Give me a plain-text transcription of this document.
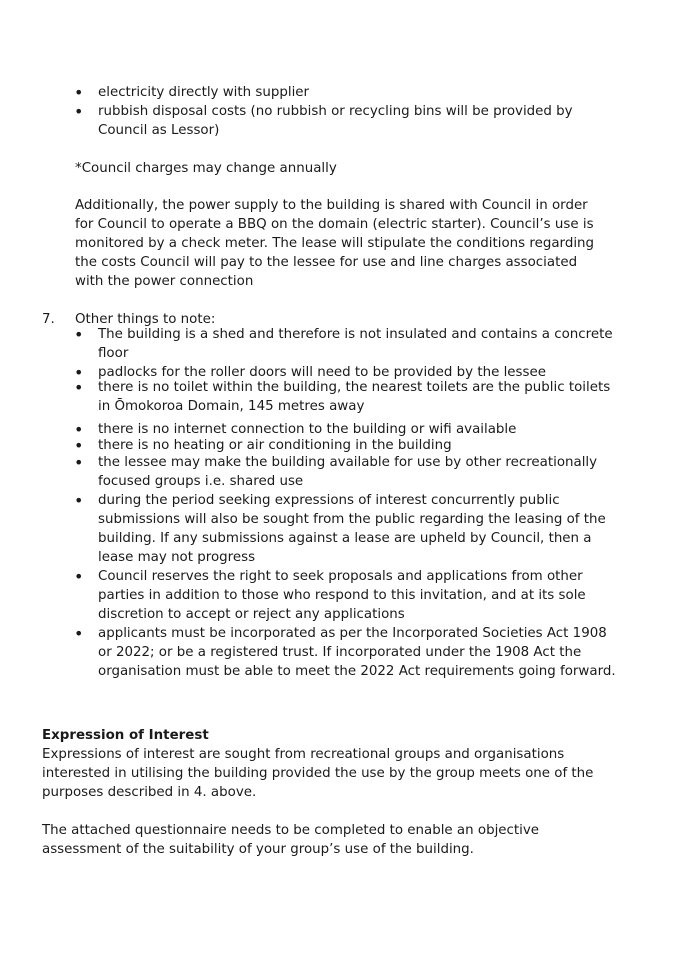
• electricity directly with supplier
• rubbish disposal costs (no rubbish or recycling bins will be provided by Council as Lessor)

*Council charges may change annually

Additionally, the power supply to the building is shared with Council in order for Council to operate a BBQ on the domain (electric starter). Council’s use is monitored by a check meter. The lease will stipulate the conditions regarding the costs Council will pay to the lessee for use and line charges associated with the power connection

7. Other things to note:

• The building is a shed and therefore is not insulated and contains a concrete floor
• padlocks for the roller doors will need to be provided by the lessee
• there is no toilet within the building, the nearest toilets are the public toilets in Ōmokoroa Domain, 145 metres away
• there is no internet connection to the building or wifi available
• there is no heating or air conditioning in the building
• the lessee may make the building available for use by other recreationally focused groups i.e. shared use
• during the period seeking expressions of interest concurrently public submissions will also be sought from the public regarding the leasing of the building. If any submissions against a lease are upheld by Council, then a lease may not progress
• Council reserves the right to seek proposals and applications from other parties in addition to those who respond to this invitation, and at its sole discretion to accept or reject any applications
• applicants must be incorporated as per the Incorporated Societies Act 1908 or 2022; or be a registered trust. If incorporated under the 1908 Act the organisation must be able to meet the 2022 Act requirements going forward.

Expression of Interest

Expressions of interest are sought from recreational groups and organisations interested in utilising the building provided the use by the group meets one of the purposes described in 4. above.

The attached questionnaire needs to be completed to enable an objective assessment of the suitability of your group’s use of the building.
